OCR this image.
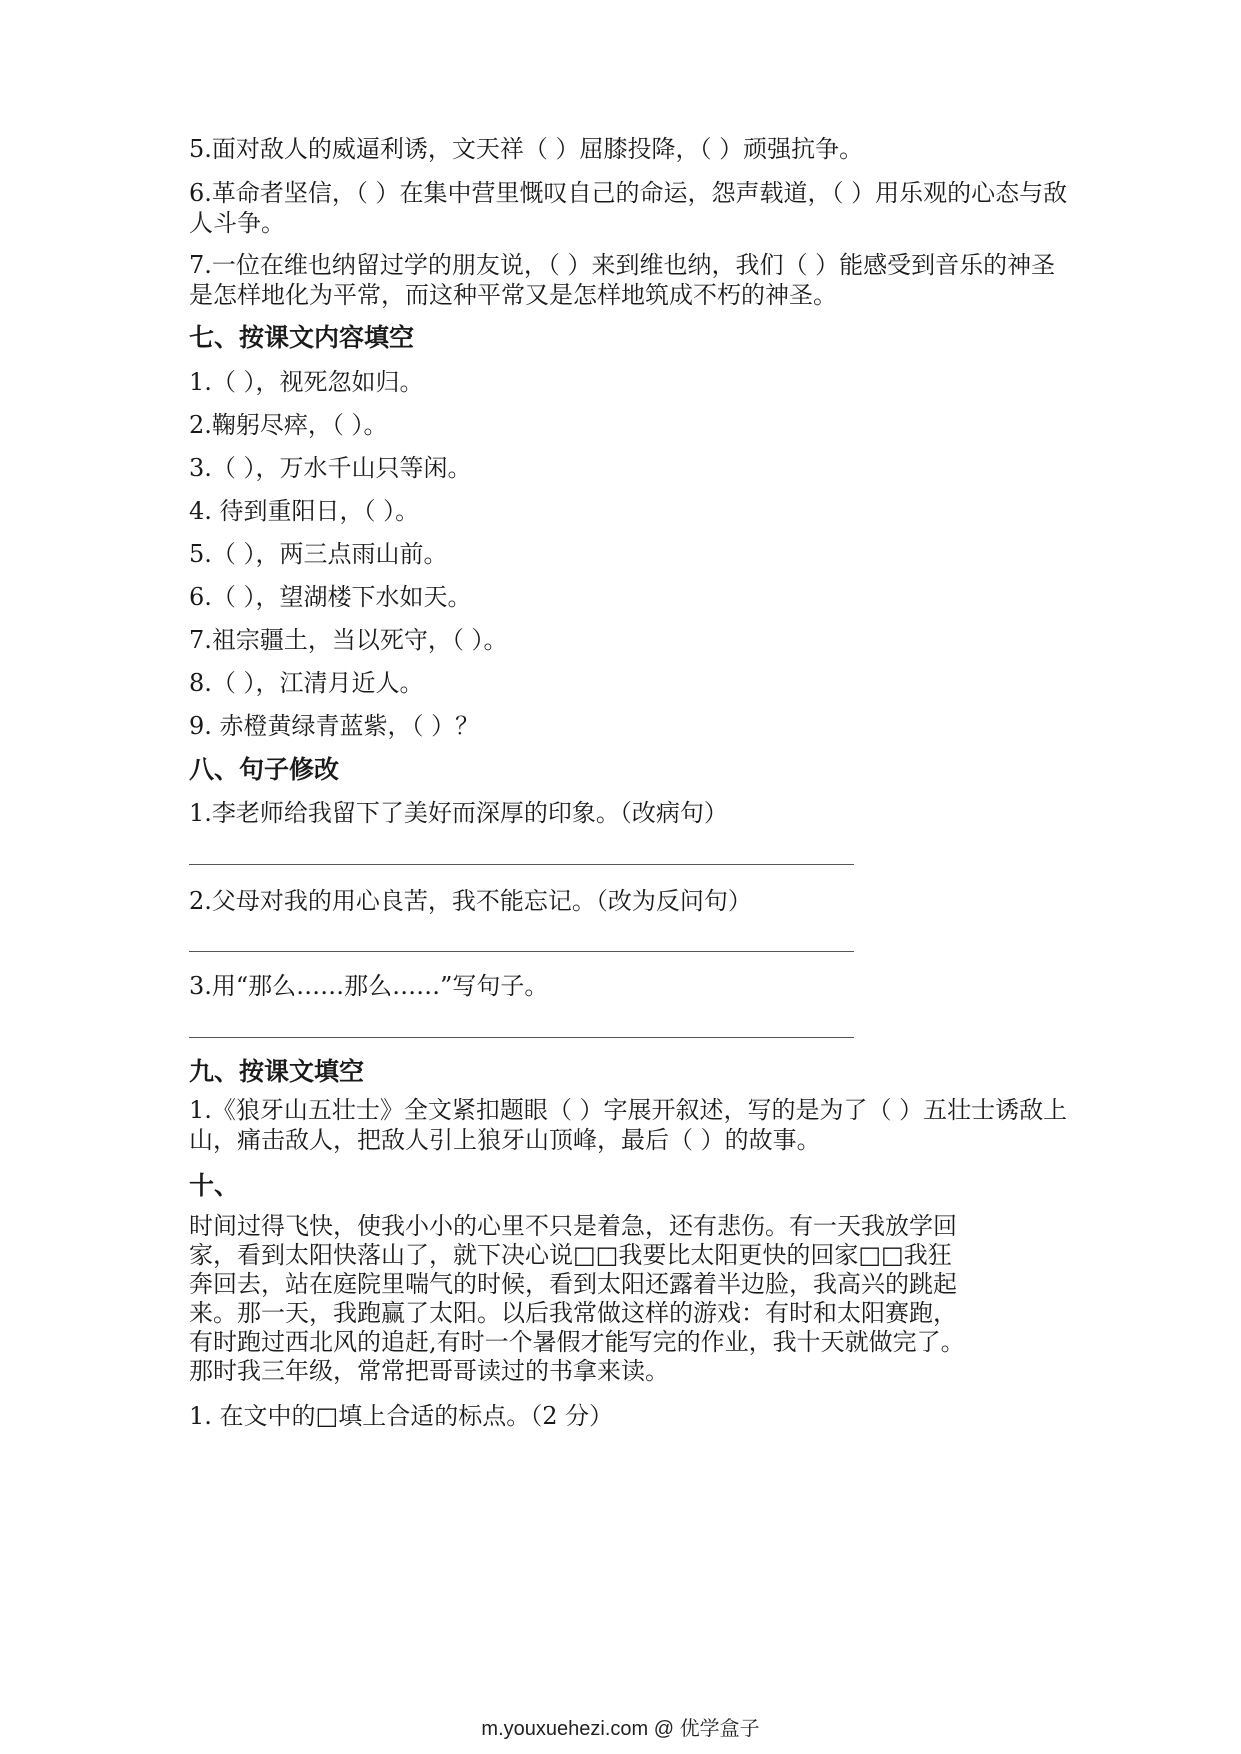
5.面对敌人的威逼利诱，文天祥（ ）屈膝投降，（ ）顽强抗争。
6.革命者坚信，（ ）在集中营里慨叹自己的命运，怨声载道，（ ）用乐观的心态与敌人斗争。
7.一位在维也纳留过学的朋友说，（ ）来到维也纳，我们（ ）能感受到音乐的神圣是怎样地化为平常，而这种平常又是怎样地筑成不朽的神圣。
七、按课文内容填空
1.（ ），视死忽如归。
2.鞠躬尽瘁，（ ）。
3.（ ），万水千山只等闲。
4. 待到重阳日，（ ）。
5.（ ），两三点雨山前。
6.（ ），望湖楼下水如天。
7.祖宗疆土，当以死守，（ ）。
8.（ ），江清月近人。
9. 赤橙黄绿青蓝紫，（ ）？
八、句子修改
1.李老师给我留下了美好而深厚的印象。（改病句）
2.父母对我的用心良苦，我不能忘记。（改为反问句）
3.用“那么……那么……”写句子。
九、按课文填空
1.《狼牙山五壮士》全文紧扣题眼（ ）字展开叙述，写的是为了（ ）五壮士诱敌上山，痛击敌人，把敌人引上狼牙山顶峰，最后（ ）的故事。
十、
时间过得飞快，使我小小的心里不只是着急，还有悲伤。有一天我放学回
家，看到太阳快落山了，就下决心说□□我要比太阳更快的回家□□我狂
奔回去，站在庭院里喘气的时候，看到太阳还露着半边脸，我高兴的跳起
来。那一天，我跑赢了太阳。以后我常做这样的游戏：有时和太阳赛跑，
有时跑过西北风的追赶,有时一个暑假才能写完的作业，我十天就做完了。
那时我三年级，常常把哥哥读过的书拿来读。
1. 在文中的□填上合适的标点。（2 分）
m.youxuehezi.com @ 优学盒子
